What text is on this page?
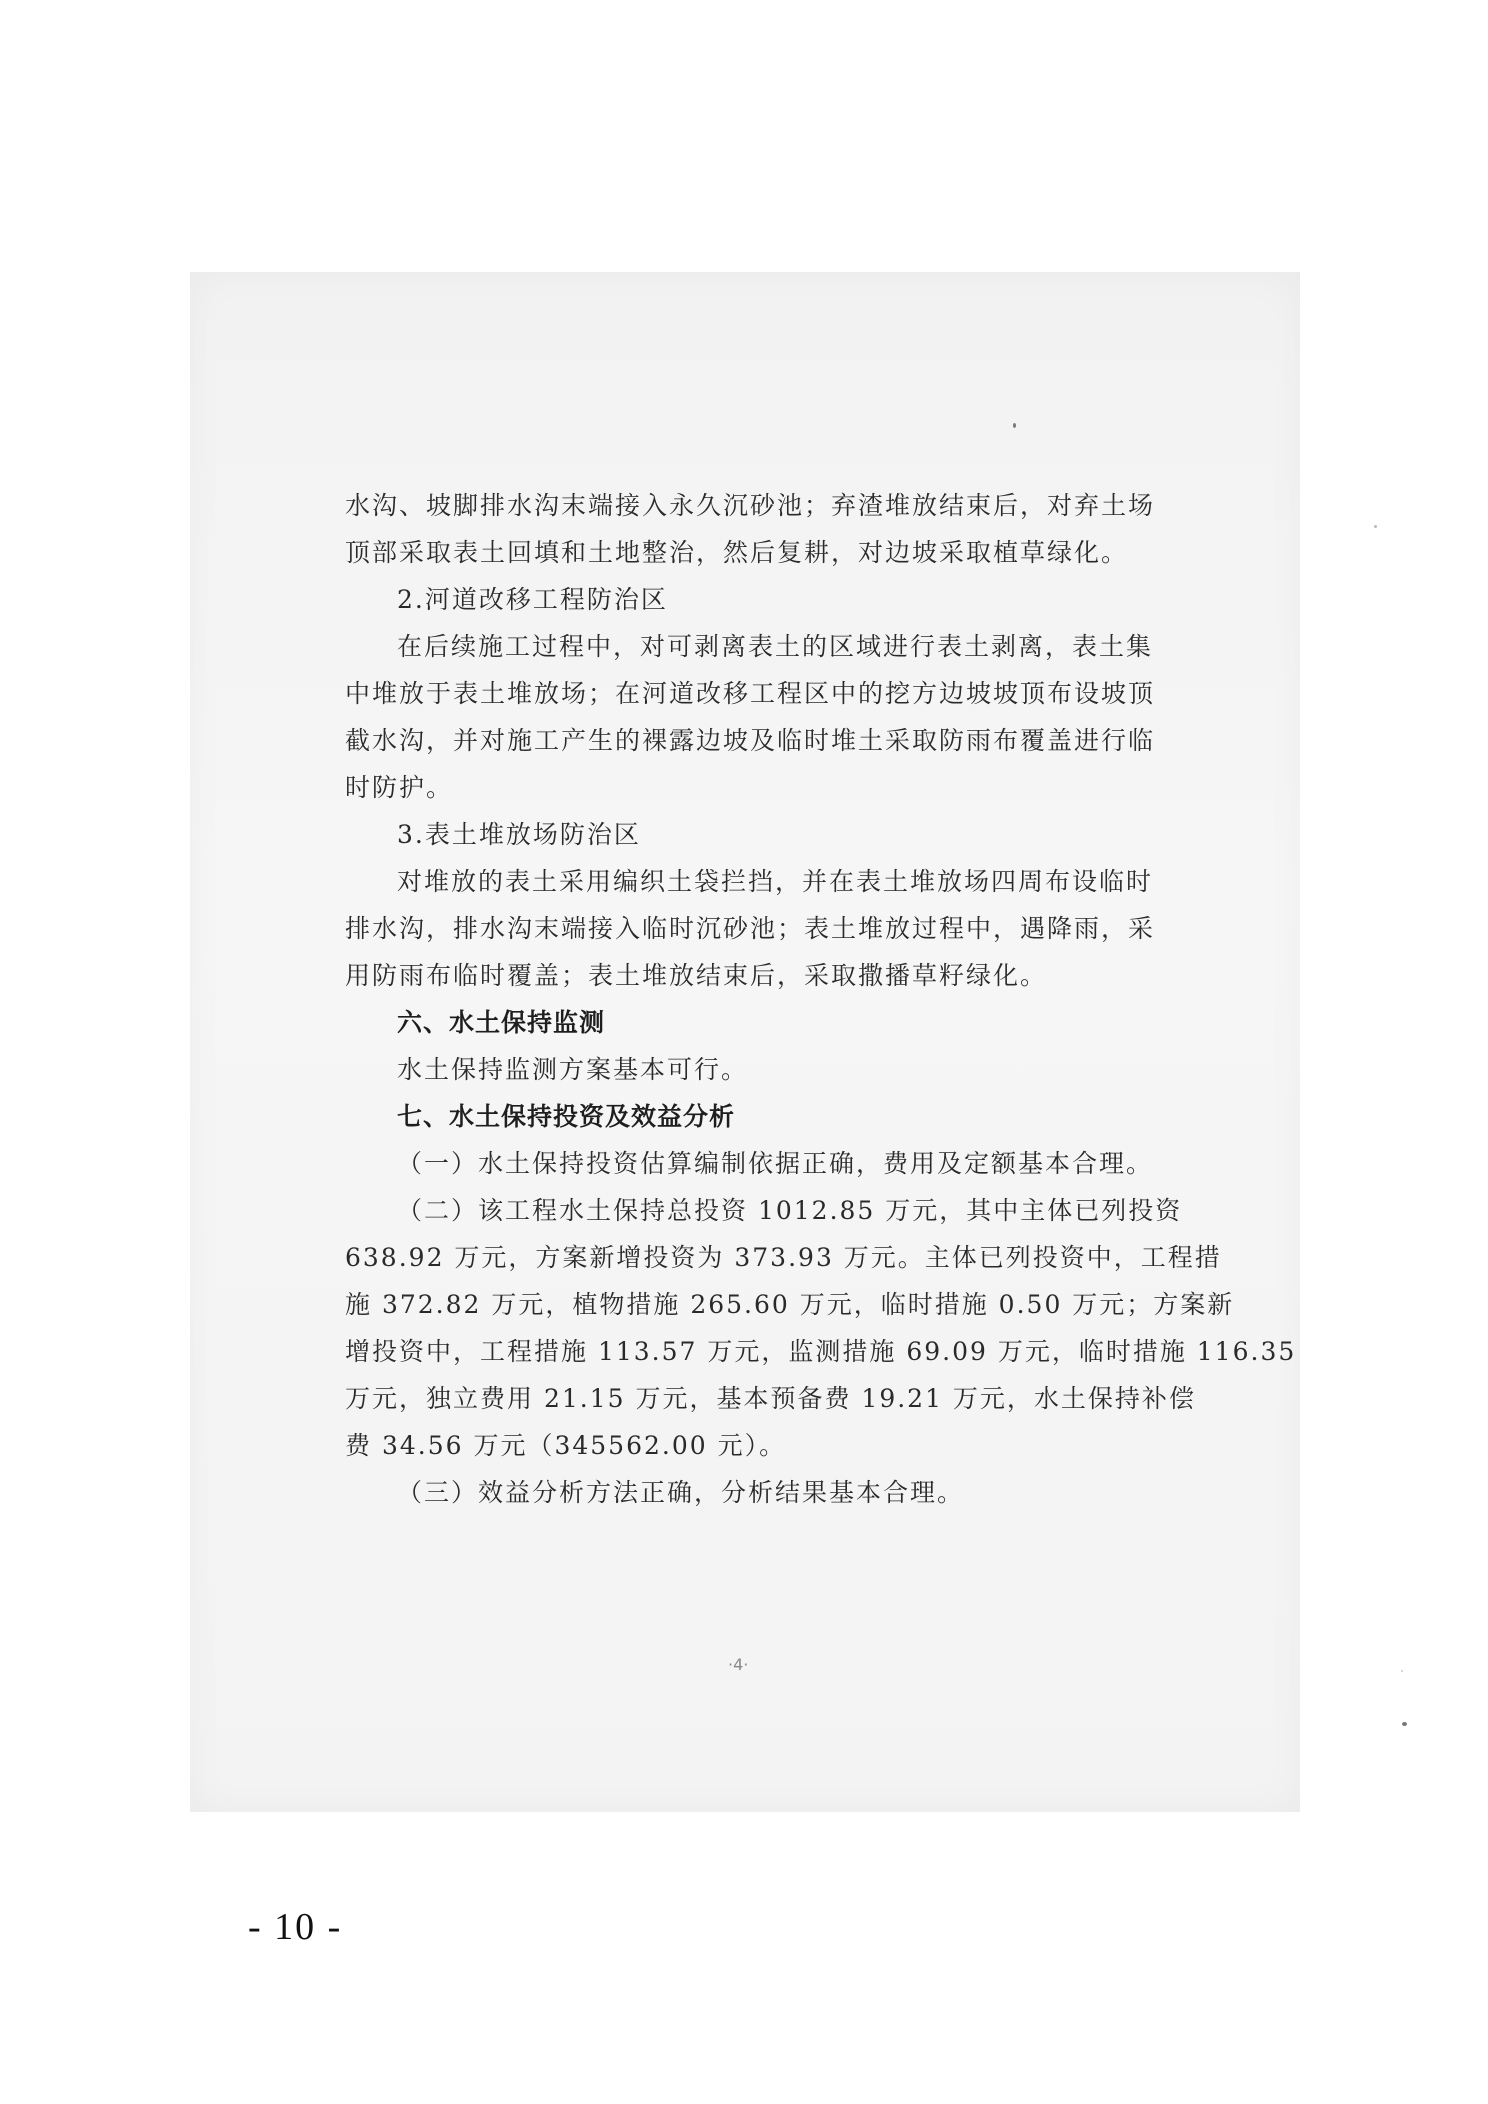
水沟、坡脚排水沟末端接入永久沉砂池；弃渣堆放结束后，对弃土场
顶部采取表土回填和土地整治，然后复耕，对边坡采取植草绿化。
2.河道改移工程防治区
在后续施工过程中，对可剥离表土的区域进行表土剥离，表土集
中堆放于表土堆放场；在河道改移工程区中的挖方边坡坡顶布设坡顶
截水沟，并对施工产生的裸露边坡及临时堆土采取防雨布覆盖进行临
时防护。
3.表土堆放场防治区
对堆放的表土采用编织土袋拦挡，并在表土堆放场四周布设临时
排水沟，排水沟末端接入临时沉砂池；表土堆放过程中，遇降雨，采
用防雨布临时覆盖；表土堆放结束后，采取撒播草籽绿化。
六、水土保持监测
水土保持监测方案基本可行。
七、水土保持投资及效益分析
（一）水土保持投资估算编制依据正确，费用及定额基本合理。
（二）该工程水土保持总投资 1012.85 万元，其中主体已列投资
638.92 万元，方案新增投资为 373.93 万元。主体已列投资中，工程措
施 372.82 万元，植物措施 265.60 万元，临时措施 0.50 万元；方案新
增投资中，工程措施 113.57 万元，监测措施 69.09 万元，临时措施 116.35
万元，独立费用 21.15 万元，基本预备费 19.21 万元，水土保持补偿
费 34.56 万元（345562.00 元）。
（三）效益分析方法正确，分析结果基本合理。
·4·
- 10 -
